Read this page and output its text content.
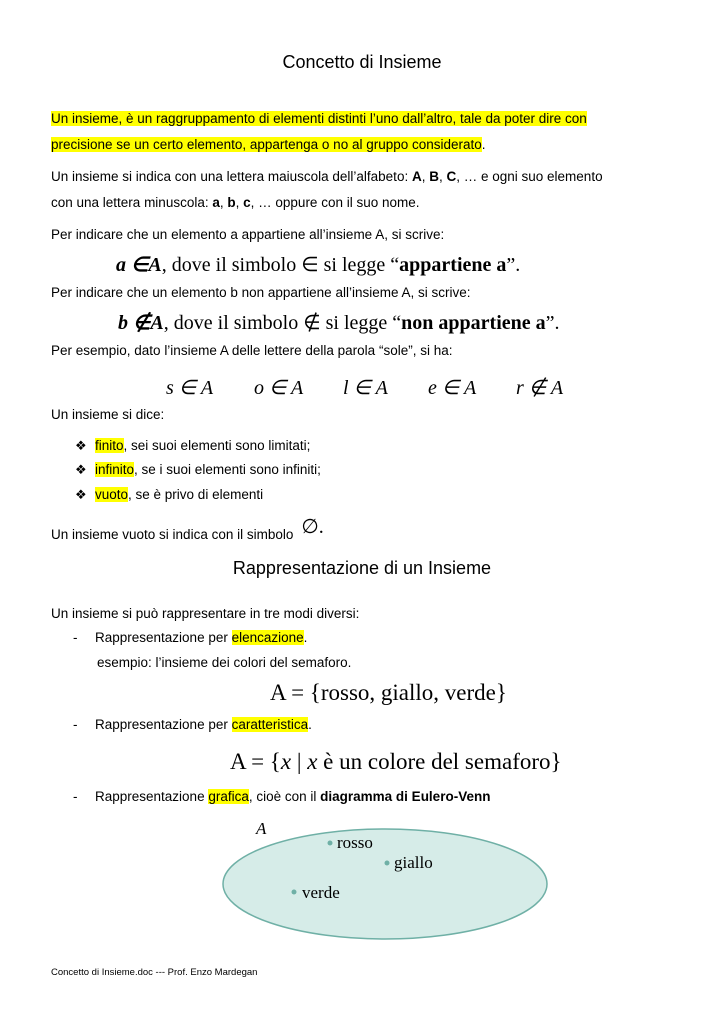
Concetto di Insieme
Un insieme, è un raggruppamento di elementi distinti l’uno dall’altro, tale da poter dire con
precisione se un certo elemento, appartenga o no al gruppo considerato.
Un insieme si indica con una lettera maiuscola dell’alfabeto: A, B, C, … e ogni suo elemento
con una lettera minuscola: a, b, c, … oppure con il suo nome.
Per indicare che un elemento a appartiene all’insieme A, si scrive:
a ∈A, dove il simbolo ∈ si legge “appartiene a”.
Per indicare che un elemento b non appartiene all’insieme A, si scrive:
b ∉A, dove il simbolo ∉ si legge “non appartiene a”.
Per esempio, dato l’insieme A delle lettere della parola “sole”, si ha:
s ∈ A o ∈ A l ∈ A e ∈ A r ∉ A
Un insieme si dice:
❖ finito, sei suoi elementi sono limitati;
❖ infinito, se i suoi elementi sono infiniti;
❖ vuoto, se è privo di elementi
Un insieme vuoto si indica con il simbolo ∅.
Rappresentazione di un Insieme
Un insieme si può rappresentare in tre modi diversi:
- Rappresentazione per elencazione.
esempio: l’insieme dei colori del semaforo.
A = {rosso, giallo, verde}
- Rappresentazione per caratteristica.
A = {x | x è un colore del semaforo}
- Rappresentazione grafica, cioè con il diagramma di Eulero-Venn
A
rosso
giallo
verde
Concetto di Insieme.doc --- Prof. Enzo Mardegan
